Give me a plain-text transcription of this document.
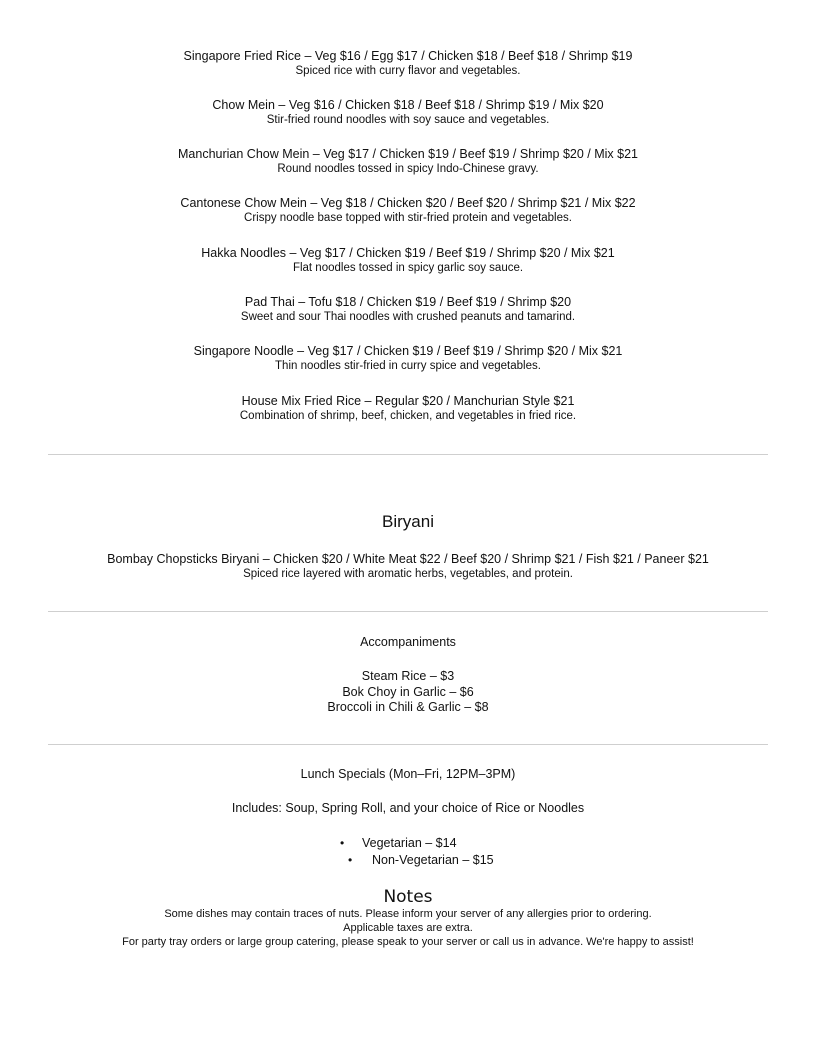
Singapore Fried Rice – Veg $16 / Egg $17 / Chicken $18 / Beef $18 / Shrimp $19
Spiced rice with curry flavor and vegetables.
Chow Mein – Veg $16 / Chicken $18 / Beef $18 / Shrimp $19 / Mix $20
Stir-fried round noodles with soy sauce and vegetables.
Manchurian Chow Mein – Veg $17 / Chicken $19 / Beef $19 / Shrimp $20 / Mix $21
Round noodles tossed in spicy Indo-Chinese gravy.
Cantonese Chow Mein – Veg $18 / Chicken $20 / Beef $20 / Shrimp $21 / Mix $22
Crispy noodle base topped with stir-fried protein and vegetables.
Hakka Noodles – Veg $17 / Chicken $19 / Beef $19 / Shrimp $20 / Mix $21
Flat noodles tossed in spicy garlic soy sauce.
Pad Thai – Tofu $18 / Chicken $19 / Beef $19 / Shrimp $20
Sweet and sour Thai noodles with crushed peanuts and tamarind.
Singapore Noodle – Veg $17 / Chicken $19 / Beef $19 / Shrimp $20 / Mix $21
Thin noodles stir-fried in curry spice and vegetables.
House Mix Fried Rice – Regular $20 / Manchurian Style $21
Combination of shrimp, beef, chicken, and vegetables in fried rice.
Biryani
Bombay Chopsticks Biryani – Chicken $20 / White Meat $22 / Beef $20 / Shrimp $21 / Fish $21 / Paneer $21
Spiced rice layered with aromatic herbs, vegetables, and protein.
Accompaniments
Steam Rice – $3
Bok Choy in Garlic – $6
Broccoli in Chili & Garlic – $8
Lunch Specials (Mon–Fri, 12PM–3PM)
Includes: Soup, Spring Roll, and your choice of Rice or Noodles
• Vegetarian – $14
• Non-Vegetarian – $15
Notes
Some dishes may contain traces of nuts. Please inform your server of any allergies prior to ordering.
Applicable taxes are extra.
For party tray orders or large group catering, please speak to your server or call us in advance. We're happy to assist!
